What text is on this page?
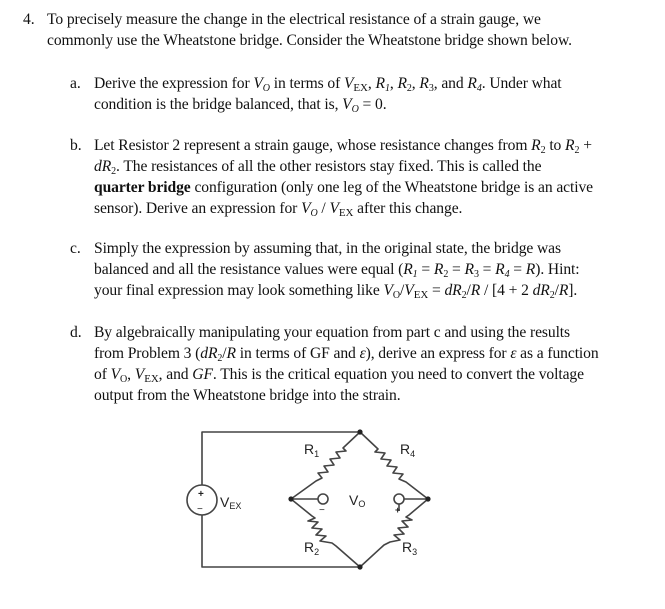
4. To precisely measure the change in the electrical resistance of a strain gauge, we
commonly use the Wheatstone bridge. Consider the Wheatstone bridge shown below.
a. Derive the expression for $V_O$ in terms of $V_{EX}$, $R_1$, $R_2$, $R_3$, and $R_4$. Under what
condition is the bridge balanced, that is, $V_O = 0$.
b. Let Resistor 2 represent a strain gauge, whose resistance changes from $R_2$ to $R_2$ +
$dR_2$. The resistances of all the other resistors stay fixed. This is called the
quarter bridge configuration (only one leg of the Wheatstone bridge is an active
sensor). Derive an expression for $V_O / V_{EX}$ after this change.
c. Simply the expression by assuming that, in the original state, the bridge was
balanced and all the resistance values were equal $(R_1 = R_2 = R_3 = R_4 = R)$. Hint:
your final expression may look something like $V_O/V_{EX} = dR_2/R / [4 + 2$ $dR_2/R$].
d. By algebraically manipulating your equation from part c and using the results
from Problem 3 ($dR_2/R$ in terms of GF and ε), derive an express for ε as a function
of $V_O$, $V_{EX}$, and GF. This is the critical equation you need to convert the voltage
output from the Wheatstone bridge into the strain.
+
− VEX	−	+
VO
$R_1$	$R_4$
$R_2$	$R_3$
